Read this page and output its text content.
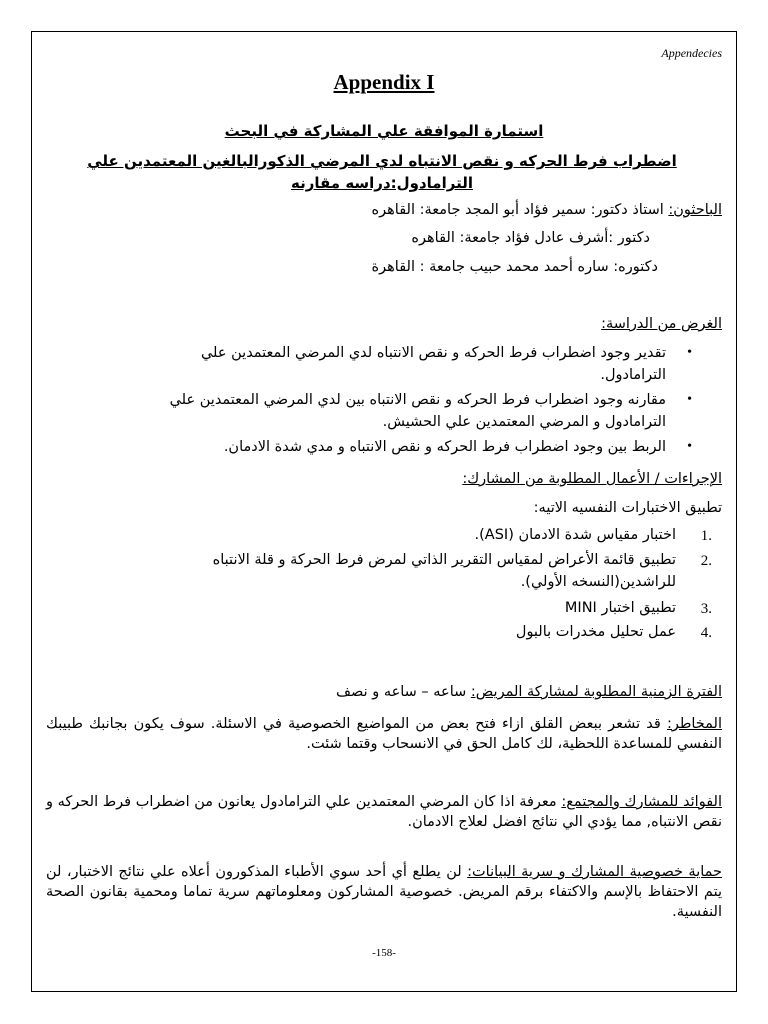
Appendecies
Appendix I
استمارة الموافقة علي المشاركة في البحث
اضطراب فرط الحركه و نقص الانتباه لدي المرضي الذكورالبالغين المعتمدين علي الترامادول:دراسه مقارنه
الباحثون: استاذ دكتور: سمير فؤاد أبو المجد جامعة: القاهره
دكتور :أشرف عادل فؤاد جامعة: القاهره
دكتوره: ساره أحمد محمد حبيب جامعة : القاهرة
الغرض من الدراسة:
•
تقدير وجود اضطراب فرط الحركه و نقص الانتباه لدي المرضي المعتمدين علي
الترامادول.
•
مقارنه وجود اضطراب فرط الحركه و نقص الانتباه بين لدي المرضي المعتمدين علي
الترامادول و المرضي المعتمدين علي الحشيش.
•
الربط بين وجود اضطراب فرط الحركه و نقص الانتباه و مدي شدة الادمان.
الإجراءات / الأعمال المطلوبة من المشارك:
تطبيق الاختبارات النفسيه الاتيه:
1.
اختبار مقياس شدة الادمان (ASI).
2.
تطبيق قائمة الأعراض لمقياس التقرير الذاتي لمرض فرط الحركة و قلة الانتباه
للراشدين(النسخه الأولي).
3.
تطبيق اختبار MINI
4.
عمل تحليل مخدرات بالبول
الفترة الزمنية المطلوبة لمشاركة المريض: ساعه – ساعه و نصف
المخاطر: قد تشعر ببعض القلق ازاء فتح بعض من المواضيع الخصوصية في الاسئلة. سوف يكون بجانبك طبيبك النفسي للمساعدة اللحظية، لك كامل الحق في الانسحاب وقتما شئت.
الفوائد للمشارك والمجتمع: معرفة اذا كان المرضي المعتمدين علي الترامادول يعانون من اضطراب فرط الحركه و نقص الانتباه, مما يؤدي الي نتائج افضل لعلاج الادمان.
حماية خصوصية المشارك و سرية البيانات: لن يطلع أي أحد سوي الأطباء المذكورون أعلاه علي نتائج الاختبار، لن يتم الاحتفاظ بالإسم والاكتفاء برقم المريض. خصوصية المشاركون ومعلوماتهم سرية تماما ومحمية بقانون الصحة النفسية.
-158-
